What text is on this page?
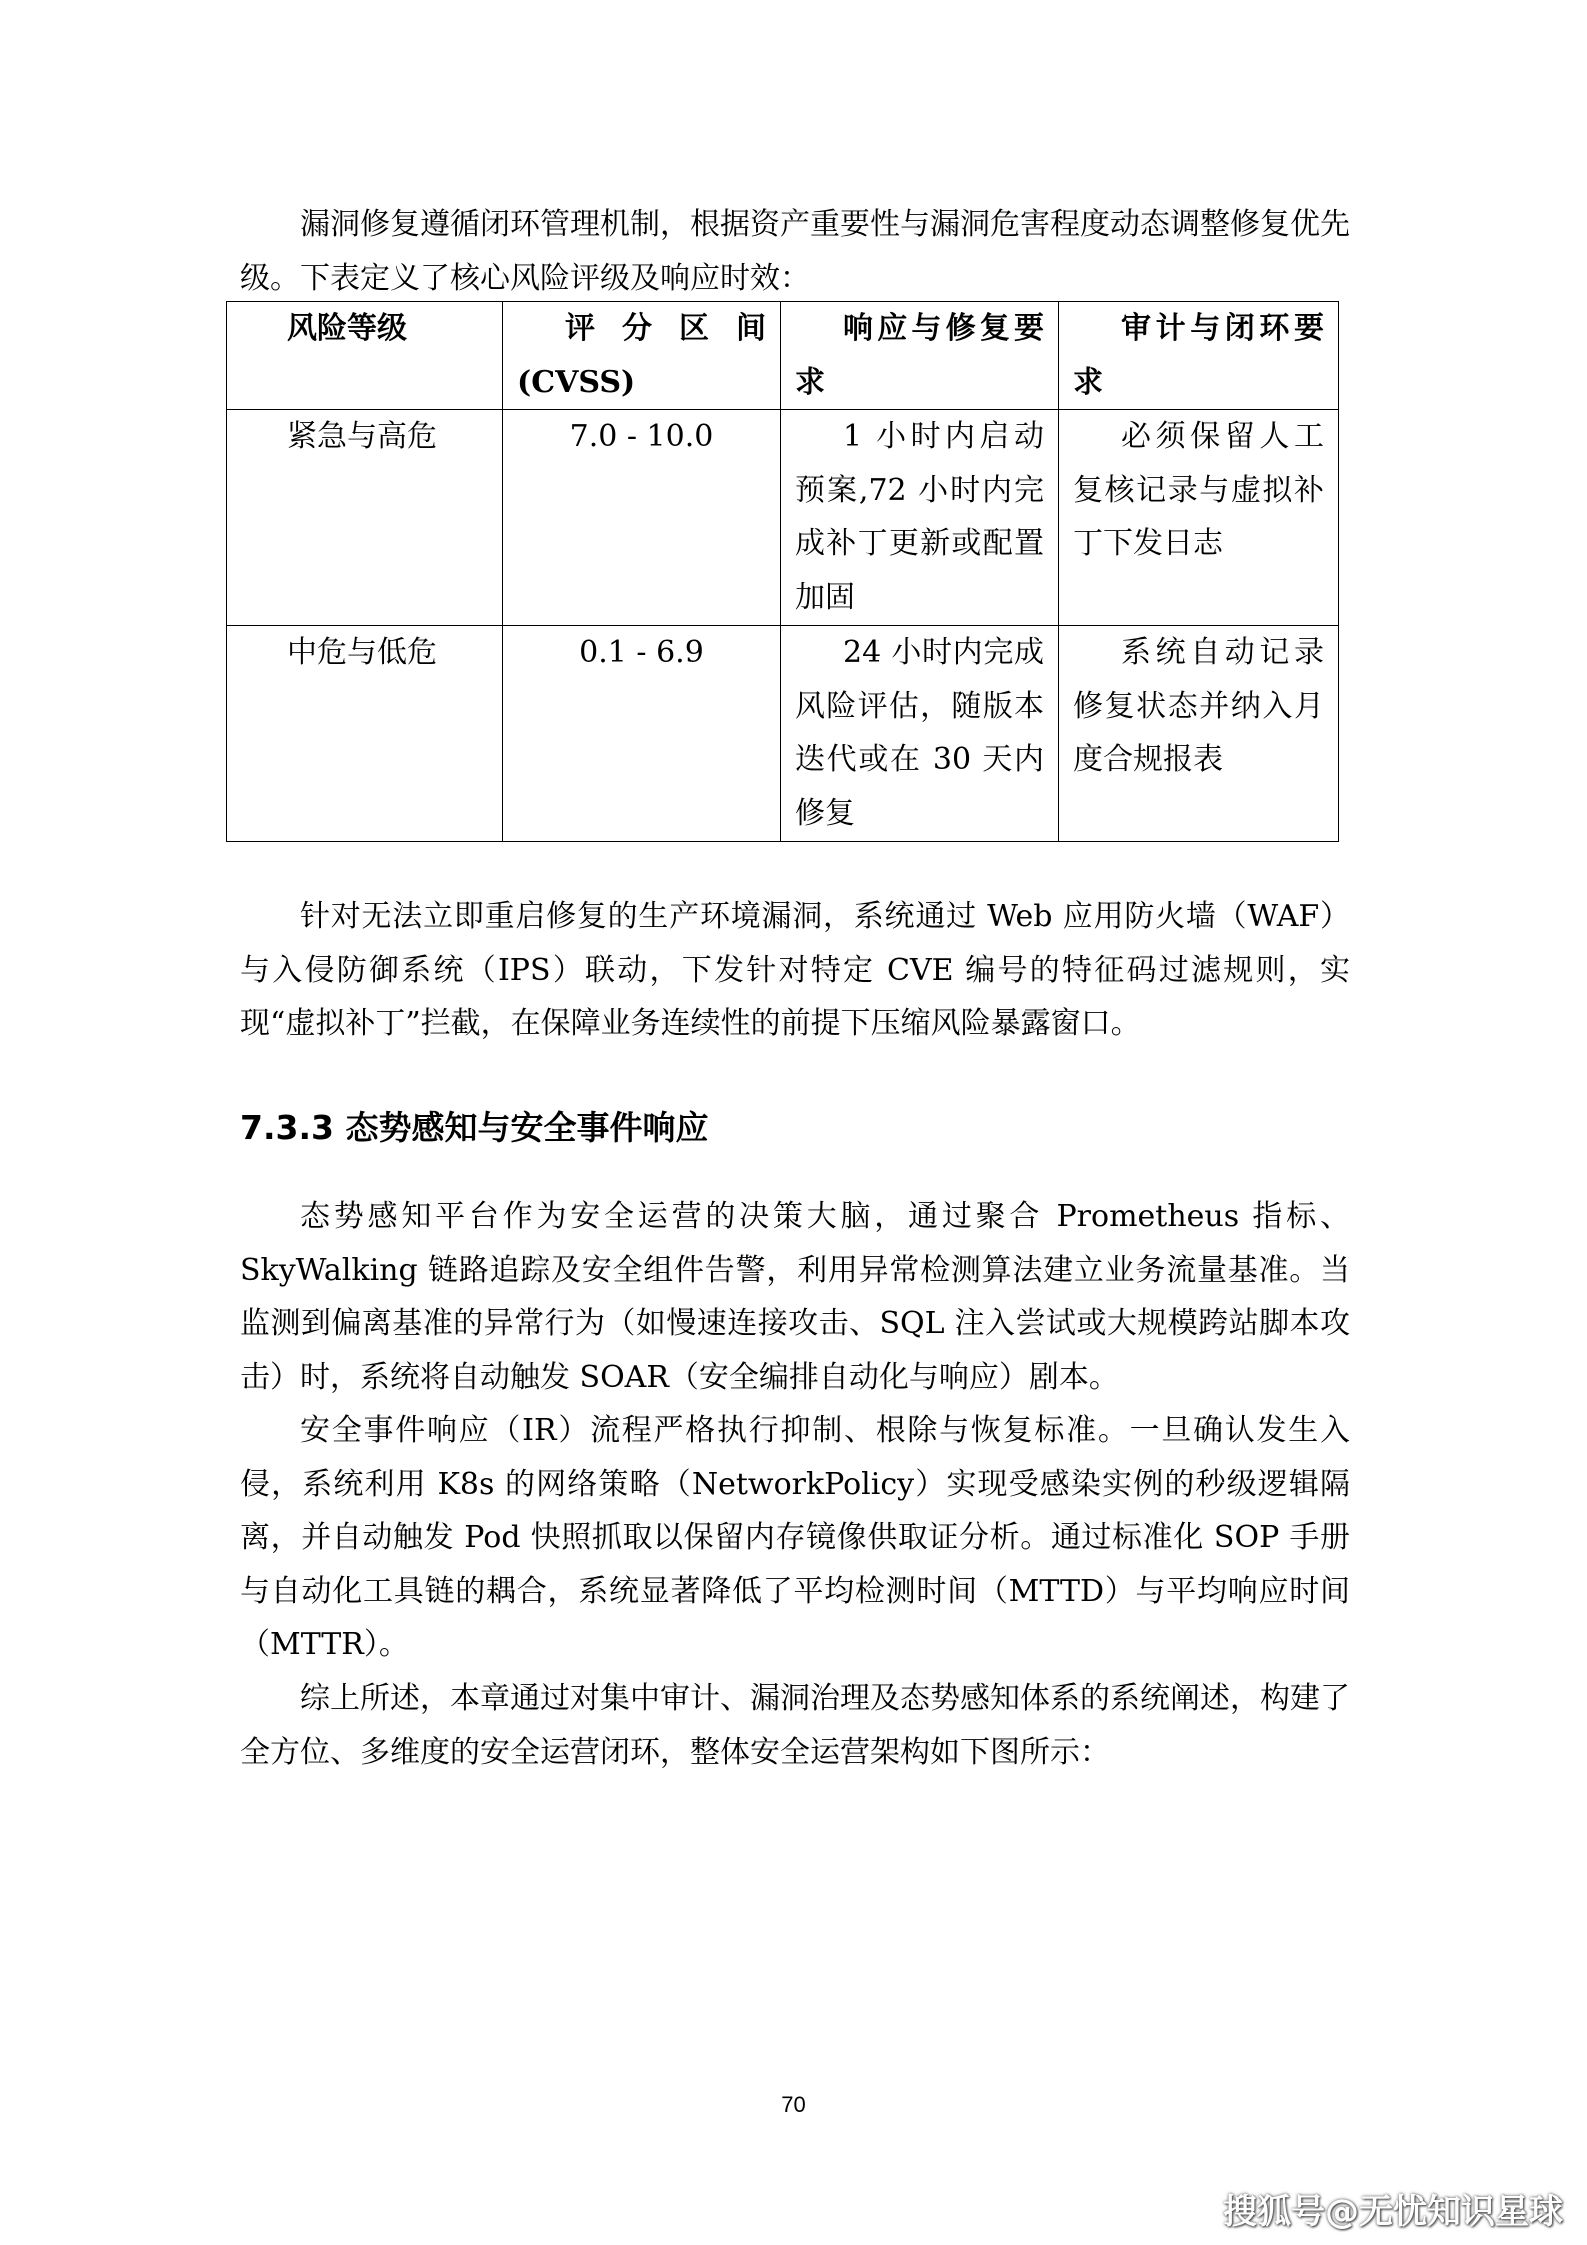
漏洞修复遵循闭环管理机制，根据资产重要性与漏洞危害程度动态调整修复优先级。下表定义了核心风险评级及响应时效：

风险等级	评 分 区 间 (CVSS)	响应与修复要求	审计与闭环要求
紧急与高危	7.0 - 10.0	1 小时内启动预案,72 小时内完成补丁更新或配置加固	必须保留人工复核记录与虚拟补丁下发日志
中危与低危	0.1 - 6.9	24 小时内完成风险评估，随版本迭代或在 30 天内修复	系统自动记录修复状态并纳入月度合规报表

针对无法立即重启修复的生产环境漏洞，系统通过 Web 应用防火墙（WAF）与入侵防御系统（IPS）联动，下发针对特定 CVE 编号的特征码过滤规则，实现“虚拟补丁”拦截，在保障业务连续性的前提下压缩风险暴露窗口。

7.3.3 态势感知与安全事件响应

态势感知平台作为安全运营的决策大脑，通过聚合 Prometheus 指标、SkyWalking 链路追踪及安全组件告警，利用异常检测算法建立业务流量基准。当监测到偏离基准的异常行为（如慢速连接攻击、SQL 注入尝试或大规模跨站脚本攻击）时，系统将自动触发 SOAR（安全编排自动化与响应）剧本。

安全事件响应（IR）流程严格执行抑制、根除与恢复标准。一旦确认发生入侵，系统利用 K8s 的网络策略（NetworkPolicy）实现受感染实例的秒级逻辑隔离，并自动触发 Pod 快照抓取以保留内存镜像供取证分析。通过标准化 SOP 手册与自动化工具链的耦合，系统显著降低了平均检测时间（MTTD）与平均响应时间（MTTR）。

综上所述，本章通过对集中审计、漏洞治理及态势感知体系的系统阐述，构建了全方位、多维度的安全运营闭环，整体安全运营架构如下图所示：

70
搜狐号@无忧知识星球
